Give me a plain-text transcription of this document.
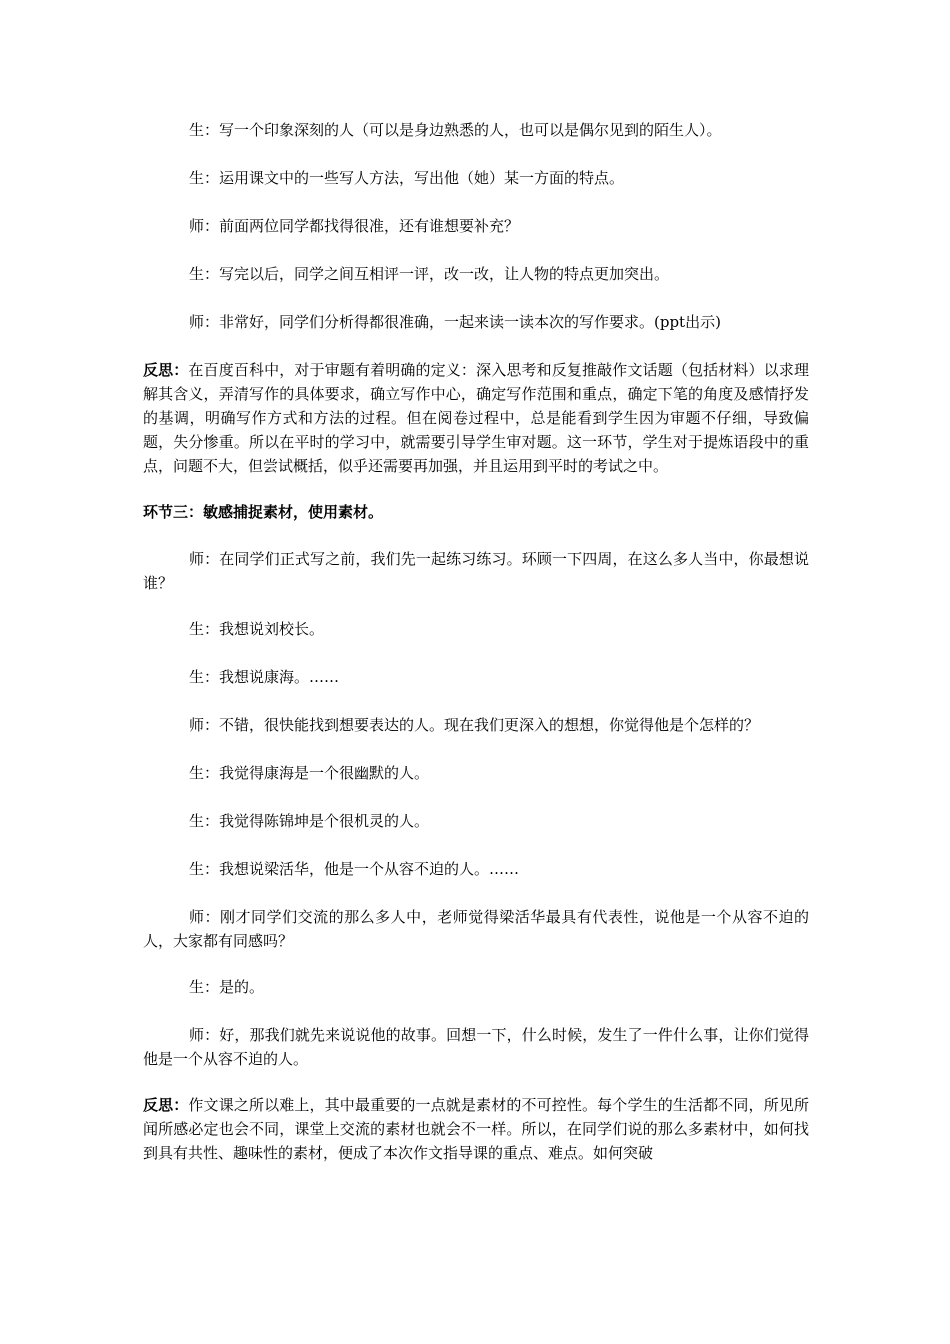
生：写一个印象深刻的人（可以是身边熟悉的人，也可以是偶尔见到的陌生人）。

生：运用课文中的一些写人方法，写出他（她）某一方面的特点。

师：前面两位同学都找得很准，还有谁想要补充？

生：写完以后，同学之间互相评一评，改一改，让人物的特点更加突出。

师：非常好，同学们分析得都很准确，一起来读一读本次的写作要求。(ppt出示)

反思：在百度百科中，对于审题有着明确的定义：深入思考和反复推敲作文话题（包括材料）以求理解其含义，弄清写作的具体要求，确立写作中心，确定写作范围和重点，确定下笔的角度及感情抒发的基调，明确写作方式和方法的过程。但在阅卷过程中，总是能看到学生因为审题不仔细，导致偏题，失分惨重。所以在平时的学习中，就需要引导学生审对题。这一环节，学生对于提炼语段中的重点，问题不大，但尝试概括，似乎还需要再加强，并且运用到平时的考试之中。

环节三：敏感捕捉素材，使用素材。

师：在同学们正式写之前，我们先一起练习练习。环顾一下四周，在这么多人当中，你最想说谁？

生：我想说刘校长。

生：我想说康海。……

师：不错，很快能找到想要表达的人。现在我们更深入的想想，你觉得他是个怎样的？

生：我觉得康海是一个很幽默的人。

生：我觉得陈锦坤是个很机灵的人。

生：我想说梁活华，他是一个从容不迫的人。……

师：刚才同学们交流的那么多人中，老师觉得梁活华最具有代表性，说他是一个从容不迫的人，大家都有同感吗？

生：是的。

师：好，那我们就先来说说他的故事。回想一下，什么时候，发生了一件什么事，让你们觉得他是一个从容不迫的人。

反思：作文课之所以难上，其中最重要的一点就是素材的不可控性。每个学生的生活都不同，所见所闻所感必定也会不同，课堂上交流的素材也就会不一样。所以，在同学们说的那么多素材中，如何找到具有共性、趣味性的素材，便成了本次作文指导课的重点、难点。如何突破
